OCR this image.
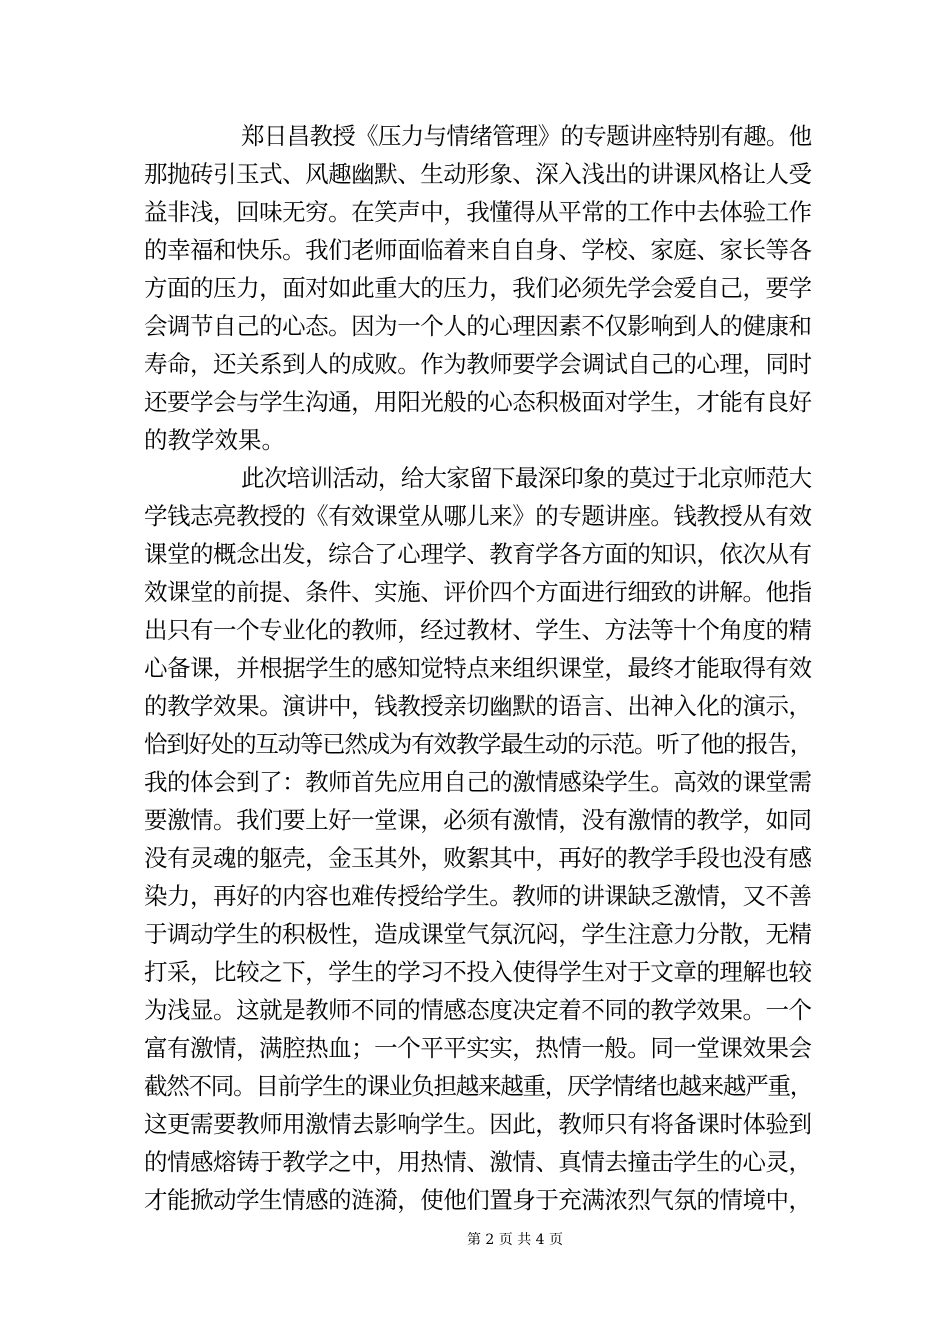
郑日昌教授《压力与情绪管理》的专题讲座特别有趣。他
那抛砖引玉式、风趣幽默、生动形象、深入浅出的讲课风格让人受
益非浅，回味无穷。在笑声中，我懂得从平常的工作中去体验工作
的幸福和快乐。我们老师面临着来自自身、学校、家庭、家长等各
方面的压力，面对如此重大的压力，我们必须先学会爱自己，要学
会调节自己的心态。因为一个人的心理因素不仅影响到人的健康和
寿命，还关系到人的成败。作为教师要学会调试自己的心理，同时
还要学会与学生沟通，用阳光般的心态积极面对学生，才能有良好
的教学效果。
此次培训活动，给大家留下最深印象的莫过于北京师范大
学钱志亮教授的《有效课堂从哪儿来》的专题讲座。钱教授从有效
课堂的概念出发，综合了心理学、教育学各方面的知识，依次从有
效课堂的前提、条件、实施、评价四个方面进行细致的讲解。他指
出只有一个专业化的教师，经过教材、学生、方法等十个角度的精
心备课，并根据学生的感知觉特点来组织课堂，最终才能取得有效
的教学效果。演讲中，钱教授亲切幽默的语言、出神入化的演示，
恰到好处的互动等已然成为有效教学最生动的示范。听了他的报告，
我的体会到了：教师首先应用自己的激情感染学生。高效的课堂需
要激情。我们要上好一堂课，必须有激情，没有激情的教学，如同
没有灵魂的躯壳，金玉其外，败絮其中，再好的教学手段也没有感
染力，再好的内容也难传授给学生。教师的讲课缺乏激情，又不善
于调动学生的积极性，造成课堂气氛沉闷，学生注意力分散，无精
打采，比较之下，学生的学习不投入使得学生对于文章的理解也较
为浅显。这就是教师不同的情感态度决定着不同的教学效果。一个
富有激情，满腔热血；一个平平实实，热情一般。同一堂课效果会
截然不同。目前学生的课业负担越来越重，厌学情绪也越来越严重，
这更需要教师用激情去影响学生。因此，教师只有将备课时体验到
的情感熔铸于教学之中，用热情、激情、真情去撞击学生的心灵，
才能掀动学生情感的涟漪，使他们置身于充满浓烈气氛的情境中，
第 2 页 共 4 页
